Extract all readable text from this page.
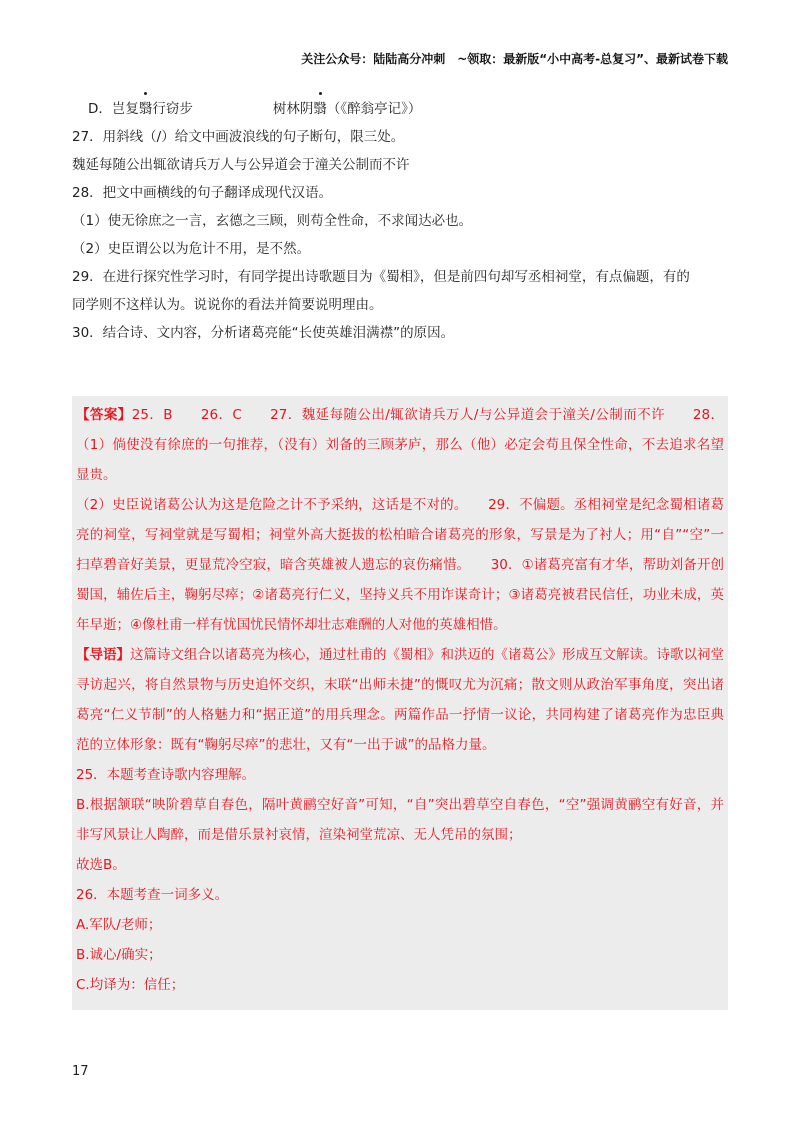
关注公众号：陆陆高分冲刺　~领取：最新版“小中高考-总复习”、最新试卷下载

D．岂复翳行窃步	树林阴翳（《醉翁亭记》）

27．用斜线（/）给文中画波浪线的句子断句，限三处。

魏延每随公出辄欲请兵万人与公异道会于潼关公制而不许

28．把文中画横线的句子翻译成现代汉语。

（1）使无徐庶之一言，玄德之三顾，则苟全性命，不求闻达必也。

（2）史臣谓公以为危计不用，是不然。

29．在进行探究性学习时，有同学提出诗歌题目为《蜀相》，但是前四句却写丞相祠堂，有点偏题，有的

同学则不这样认为。说说你的看法并简要说明理由。

30．结合诗、文内容，分析诸葛亮能“长使英雄泪满襟”的原因。

【答案】25．B　　26．C　　27．魏延每随公出/辄欲请兵万人/与公异道会于潼关/公制而不许　　28．（1）倘使没有徐庶的一句推荐，（没有）刘备的三顾茅庐，那么（他）必定会苟且保全性命，不去追求名望显贵。

（2）史臣说诸葛公认为这是危险之计不予采纳，这话是不对的。　　29．不偏题。丞相祠堂是纪念蜀相诸葛亮的祠堂，写祠堂就是写蜀相；祠堂外高大挺拔的松柏暗合诸葛亮的形象，写景是为了衬人；用“自”“空”一扫草碧音好美景，更显荒冷空寂，暗含英雄被人遗忘的哀伤痛惜。　　30．①诸葛亮富有才华，帮助刘备开创蜀国，辅佐后主，鞠躬尽瘁；②诸葛亮行仁义，坚持义兵不用诈谋奇计；③诸葛亮被君民信任，功业未成，英年早逝；④像杜甫一样有忧国忧民情怀却壮志难酬的人对他的英雄相惜。

【导语】这篇诗文组合以诸葛亮为核心，通过杜甫的《蜀相》和洪迈的《诸葛公》形成互文解读。诗歌以祠堂寻访起兴，将自然景物与历史追怀交织，末联“出师未捷”的慨叹尤为沉痛；散文则从政治军事角度，突出诸葛亮“仁义节制”的人格魅力和“据正道”的用兵理念。两篇作品一抒情一议论，共同构建了诸葛亮作为忠臣典范的立体形象：既有“鞠躬尽瘁”的悲壮，又有“一出于诚”的品格力量。

25．本题考查诗歌内容理解。

B.根据颔联“映阶碧草自春色，隔叶黄鹂空好音”可知，“自”突出碧草空自春色，“空”强调黄鹂空有好音，并非写风景让人陶醉，而是借乐景衬哀情，渲染祠堂荒凉、无人凭吊的氛围；

故选B。

26．本题考查一词多义。

A.军队/老师；

B.诚心/确实；

C.均译为：信任；

17
